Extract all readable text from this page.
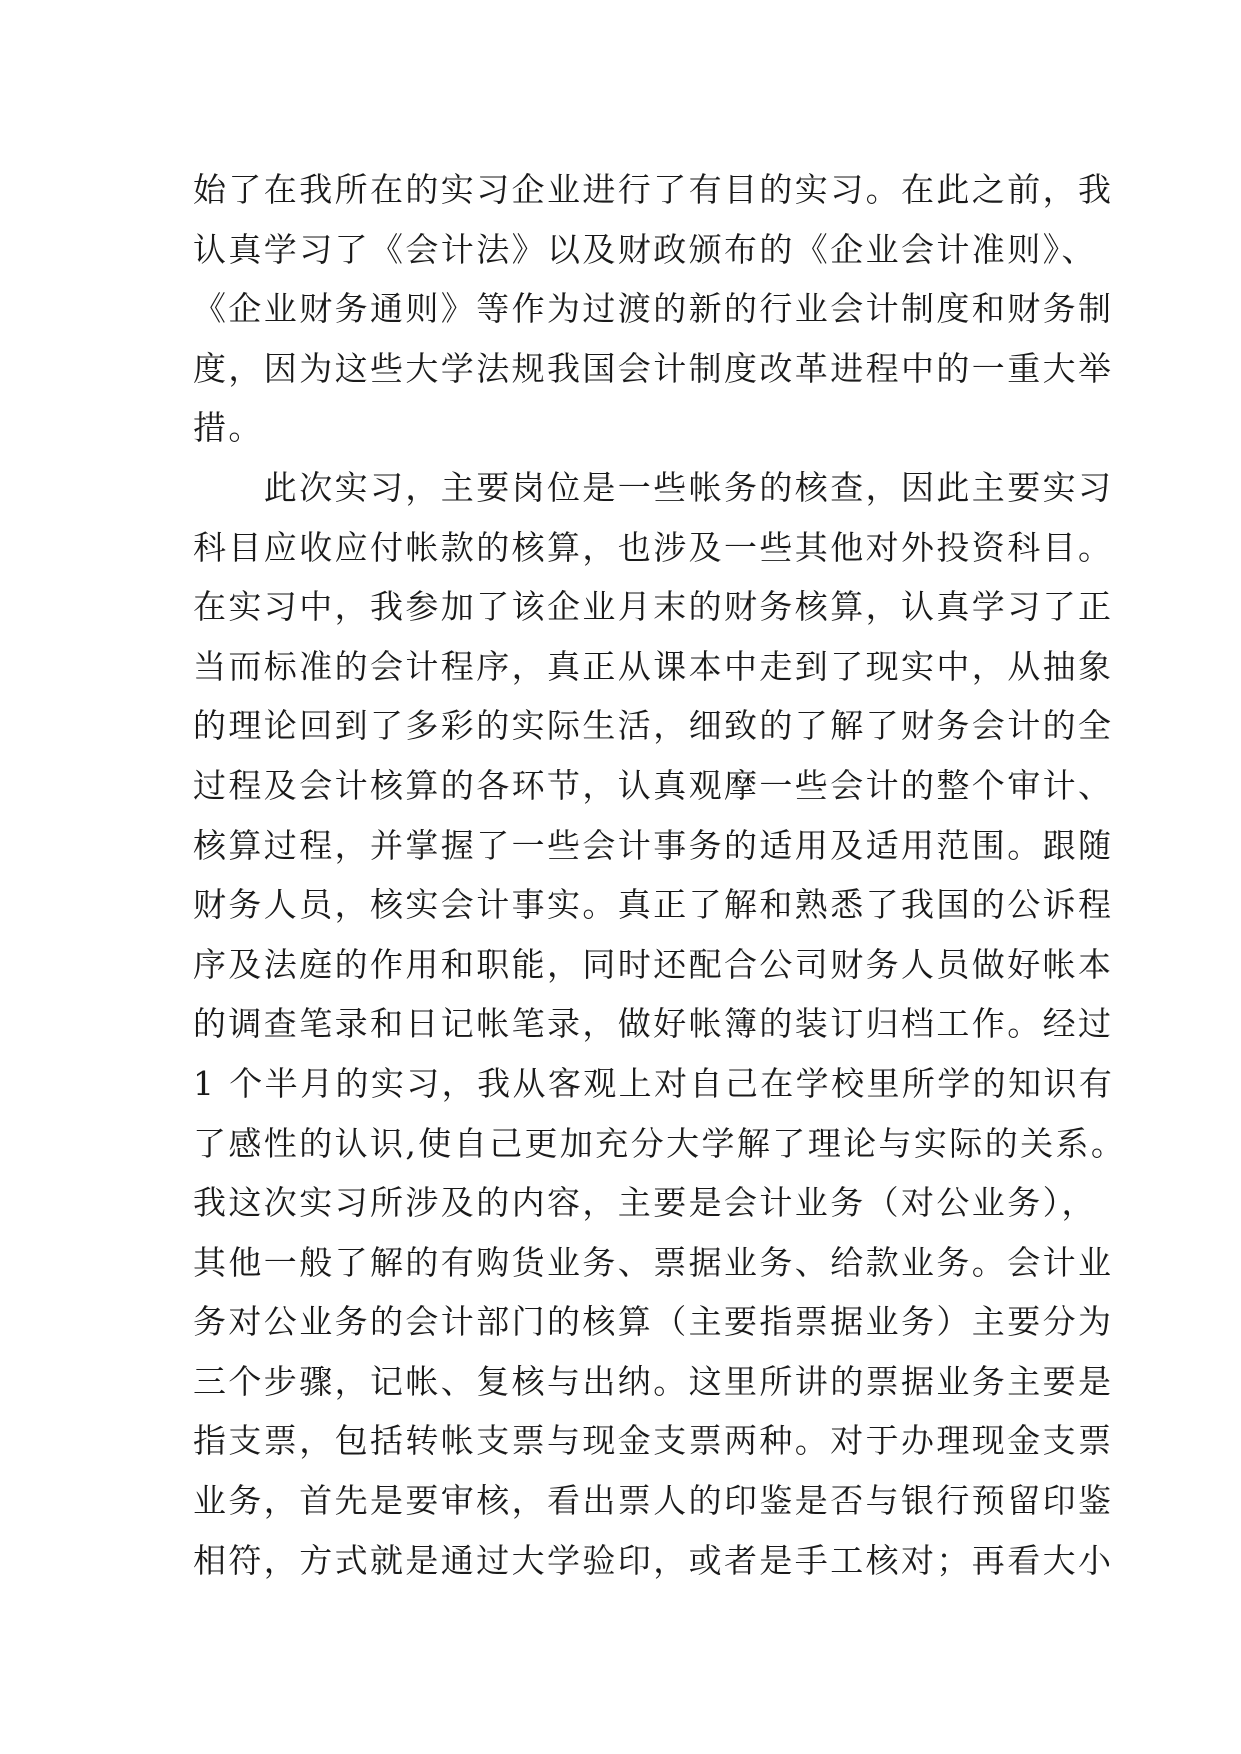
始了在我所在的实习企业进行了有目的实习。在此之前，我
认真学习了《会计法》以及财政颁布的《企业会计准则》、
《企业财务通则》等作为过渡的新的行业会计制度和财务制
度，因为这些大学法规我国会计制度改革进程中的一重大举
措。
　　此次实习，主要岗位是一些帐务的核查，因此主要实习
科目应收应付帐款的核算，也涉及一些其他对外投资科目。
在实习中，我参加了该企业月末的财务核算，认真学习了正
当而标准的会计程序，真正从课本中走到了现实中，从抽象
的理论回到了多彩的实际生活，细致的了解了财务会计的全
过程及会计核算的各环节，认真观摩一些会计的整个审计、
核算过程，并掌握了一些会计事务的适用及适用范围。跟随
财务人员，核实会计事实。真正了解和熟悉了我国的公诉程
序及法庭的作用和职能，同时还配合公司财务人员做好帐本
的调查笔录和日记帐笔录，做好帐簿的装订归档工作。经过
1 个半月的实习，我从客观上对自己在学校里所学的知识有
了感性的认识,使自己更加充分大学解了理论与实际的关系。
我这次实习所涉及的内容，主要是会计业务（对公业务），
其他一般了解的有购货业务、票据业务、给款业务。会计业
务对公业务的会计部门的核算（主要指票据业务）主要分为
三个步骤，记帐、复核与出纳。这里所讲的票据业务主要是
指支票，包括转帐支票与现金支票两种。对于办理现金支票
业务，首先是要审核，看出票人的印鉴是否与银行预留印鉴
相符，方式就是通过大学验印，或者是手工核对；再看大小
